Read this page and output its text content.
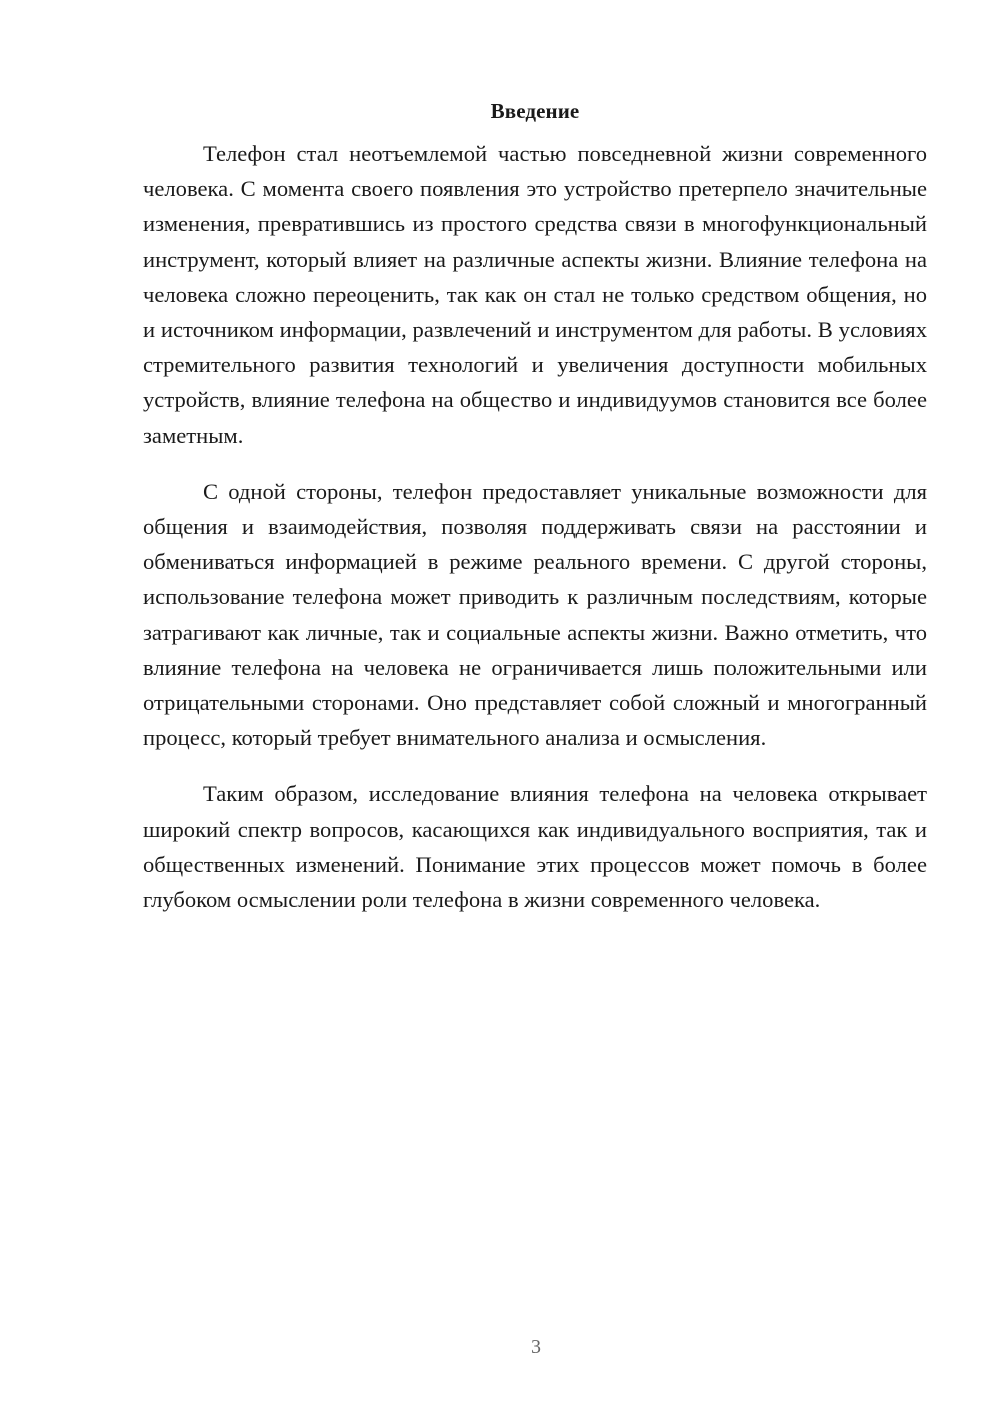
Введение

Телефон стал неотъемлемой частью повседневной жизни современного человека. С момента своего появления это устройство претерпело значительные изменения, превратившись из простого средства связи в многофункциональный инструмент, который влияет на различные аспекты жизни. Влияние телефона на человека сложно переоценить, так как он стал не только средством общения, но и источником информации, развлечений и инструментом для работы. В условиях стремительного развития технологий и увеличения доступности мобильных устройств, влияние телефона на общество и индивидуумов становится все более заметным.

С одной стороны, телефон предоставляет уникальные возможности для общения и взаимодействия, позволяя поддерживать связи на расстоянии и обмениваться информацией в режиме реального времени. С другой стороны, использование телефона может приводить к различным последствиям, которые затрагивают как личные, так и социальные аспекты жизни. Важно отметить, что влияние телефона на человека не ограничивается лишь положительными или отрицательными сторонами. Оно представляет собой сложный и многогранный процесс, который требует внимательного анализа и осмысления.

Таким образом, исследование влияния телефона на человека открывает широкий спектр вопросов, касающихся как индивидуального восприятия, так и общественных изменений. Понимание этих процессов может помочь в более глубоком осмыслении роли телефона в жизни современного человека.

3
